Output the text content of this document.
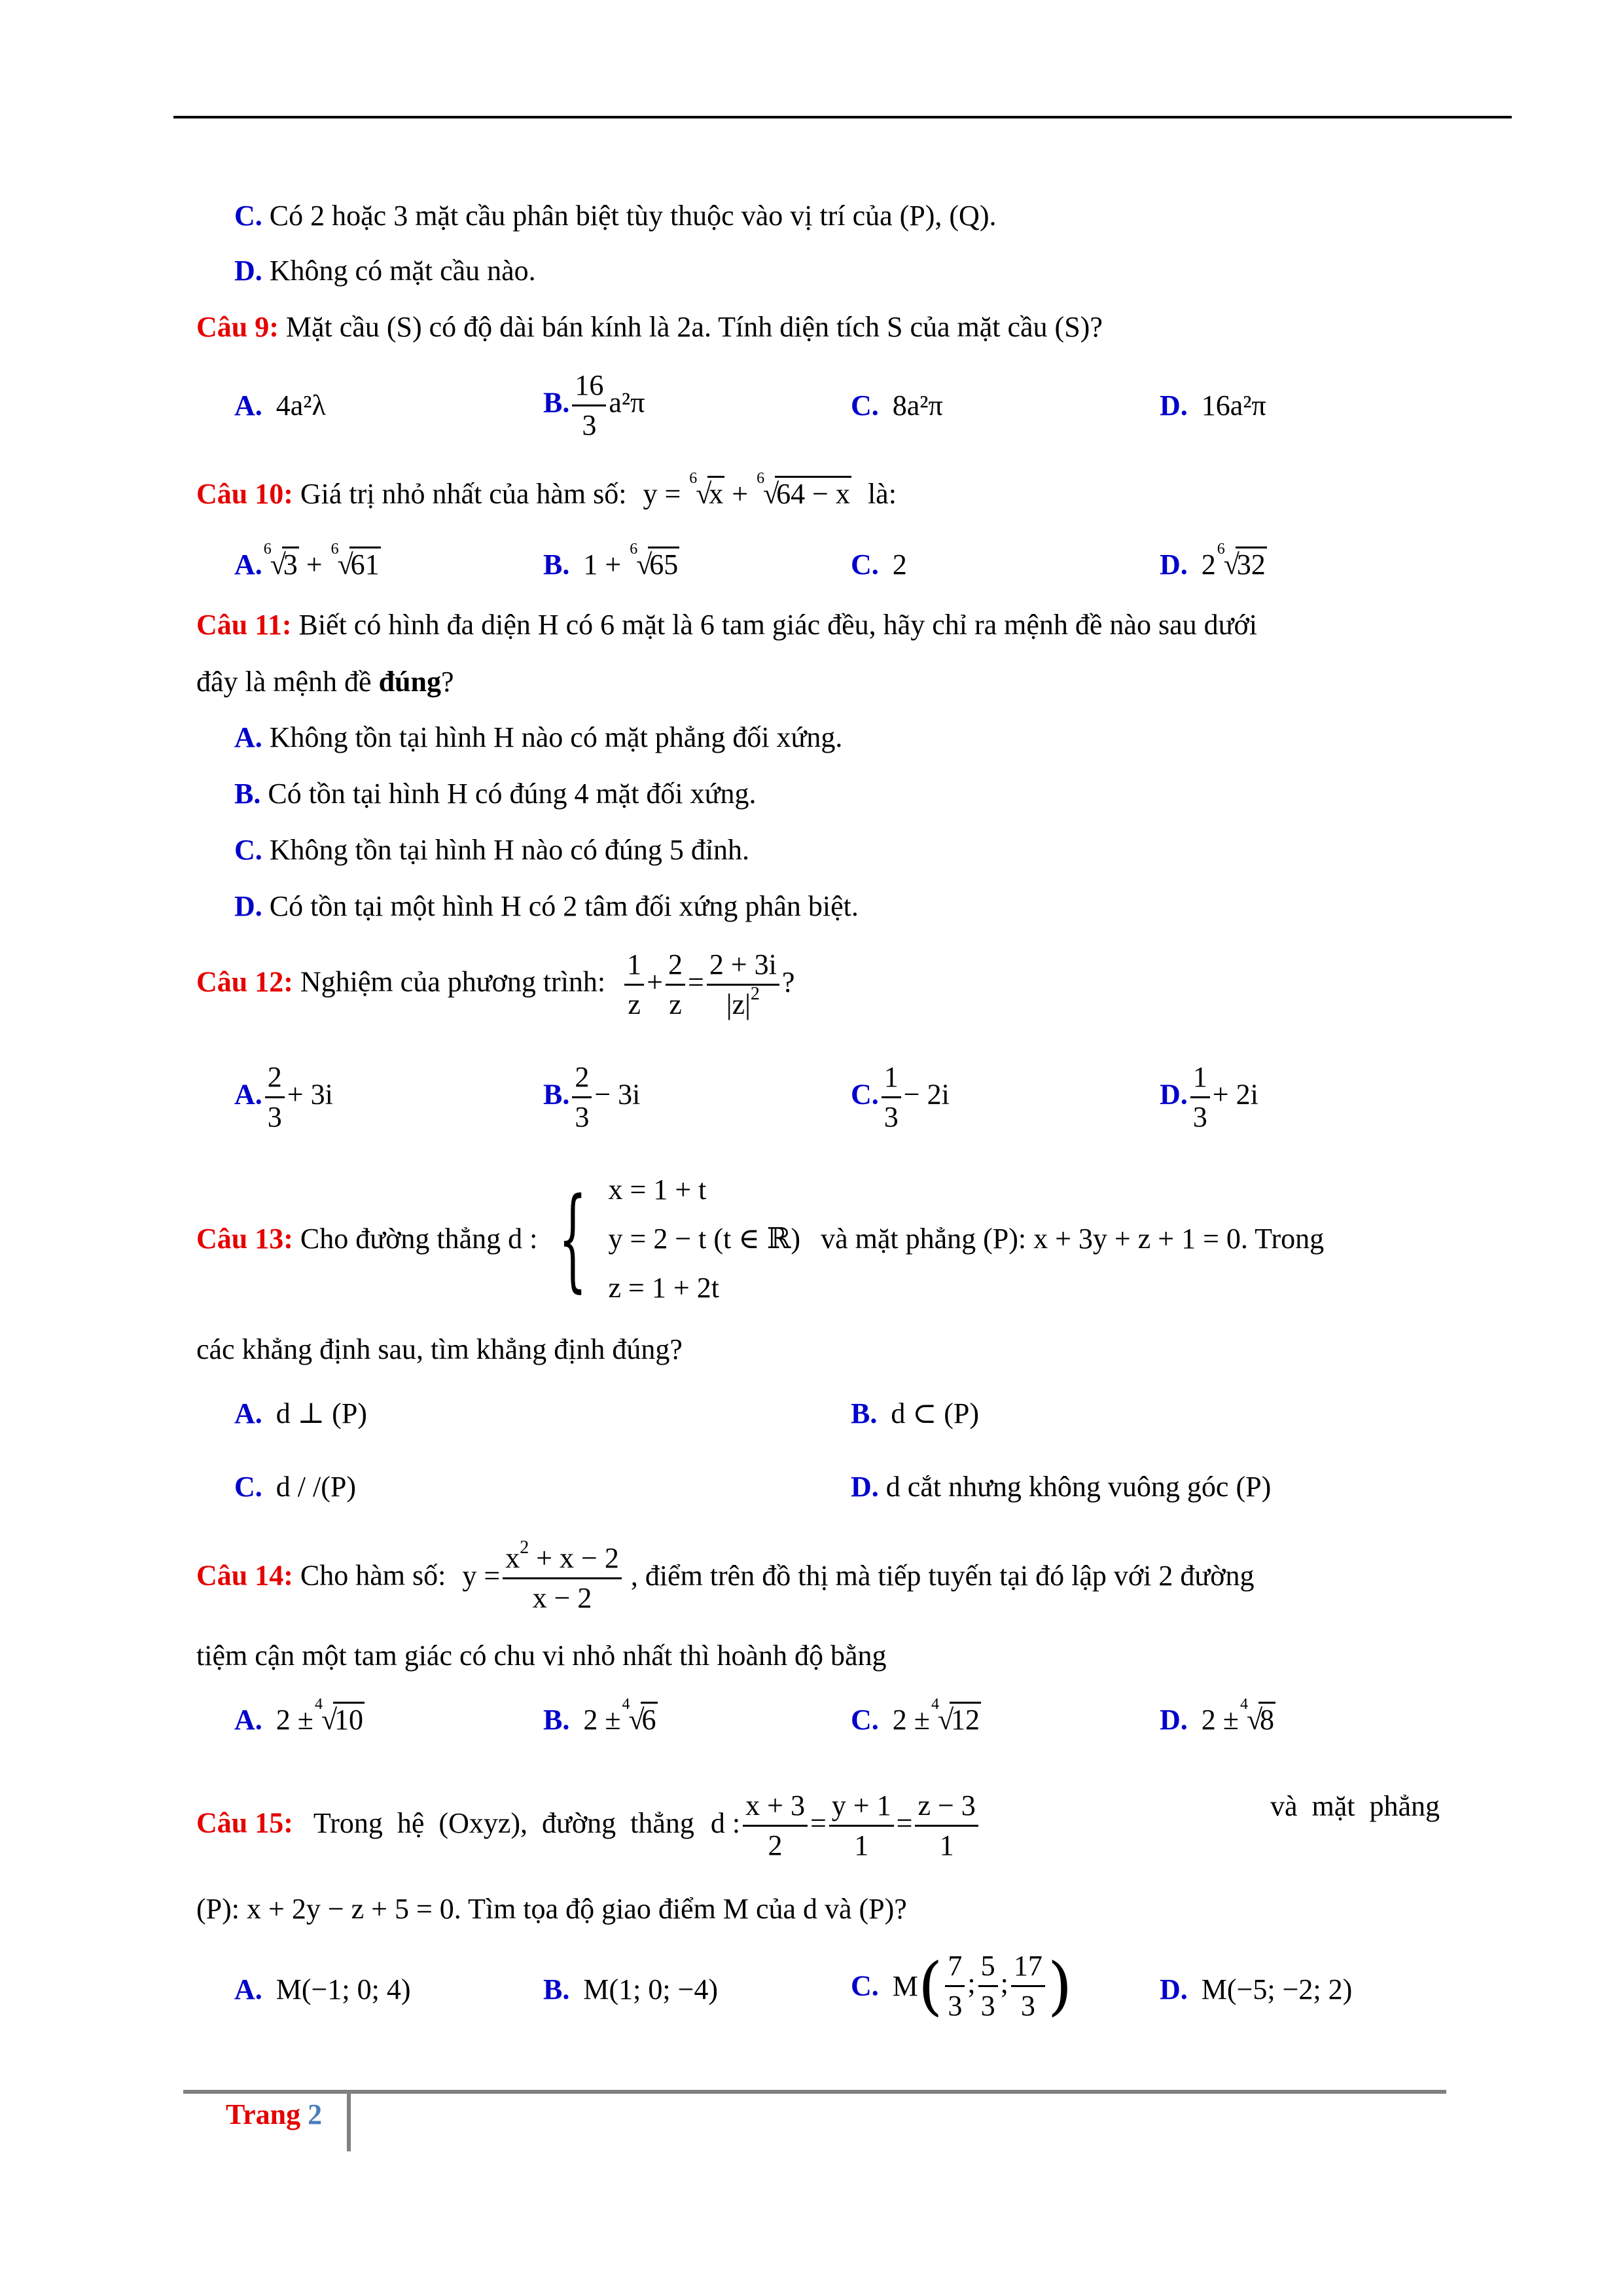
C. Có 2 hoặc 3 mặt cầu phân biệt tùy thuộc vào vị trí của (P), (Q).
D. Không có mặt cầu nào.
Câu 9: Mặt cầu (S) có độ dài bán kính là 2a. Tính diện tích S của mặt cầu (S)?
A. 4a²λ	B. $\frac{16}{3} a^2\pi$	C. 8a²π	D. 16a²π
Câu 10: Giá trị nhỏ nhất của hàm số: y = 6
√
x + 6
√
64 − x là:
A. 6
√
3 + 6
√
61	B. 1 + 6
√
65	C. 2	D. 2 6
√
32
Câu 11: Biết có hình đa diện H có 6 mặt là 6 tam giác đều, hãy chỉ ra mệnh đề nào sau dưới
đây là mệnh đề đúng?
A. Không tồn tại hình H nào có mặt phẳng đối xứng.
B. Có tồn tại hình H có đúng 4 mặt đối xứng.
C. Không tồn tại hình H nào có đúng 5 đỉnh.
D. Có tồn tại một hình H có 2 tâm đối xứng phân biệt.
Câu 12: Nghiệm của phương trình: $\frac{1}{z} + \frac{2}{z} = \frac{2 + 3i}{|z|^2}$ ?
A. $\frac{2}{3} + 3i$	B. $\frac{2}{3} - 3i$	C. $\frac{1}{3} - 2i$	D. $\frac{1}{3} + 2i$
Câu 13: Cho đường thẳng d : { x = 1 + t
y = 2 − t (t ∈ ℝ)
z = 1 + 2t
và mặt phẳng (P): x + 3y + z + 1 = 0. Trong
các khẳng định sau, tìm khẳng định đúng?
A. d ⊥ (P)	B. d ⊂ (P)
C. d / /(P)	D. d cắt nhưng không vuông góc (P)
Câu 14: Cho hàm số: $y = \frac{x^2 + x - 2}{x - 2}$ , điểm trên đồ thị mà tiếp tuyến tại đó lập với 2 đường
tiệm cận một tam giác có chu vi nhỏ nhất thì hoành độ bằng
A. 2 ± 4
√
10	B. 2 ± 4
√
6	C. 2 ± 4
√
12	D. 2 ± 4
√
8
Câu 15: Trong  hệ  (Oxyz),  đường  thẳng d : $\frac{x + 3}{2} = \frac{y + 1}{1} = \frac{z - 3}{1}$	và  mặt  phẳng
(P): x + 2y − z + 5 = 0. Tìm tọa độ giao điểm M của d và (P)?
A. M(−1; 0; 4)	B. M(1; 0; −4)	C. $M( \frac{7}{3}$ ; $\frac{5}{3}$ ; $\frac{17}{3}$ )	D. M(−5; −2; 2)
Trang 2
